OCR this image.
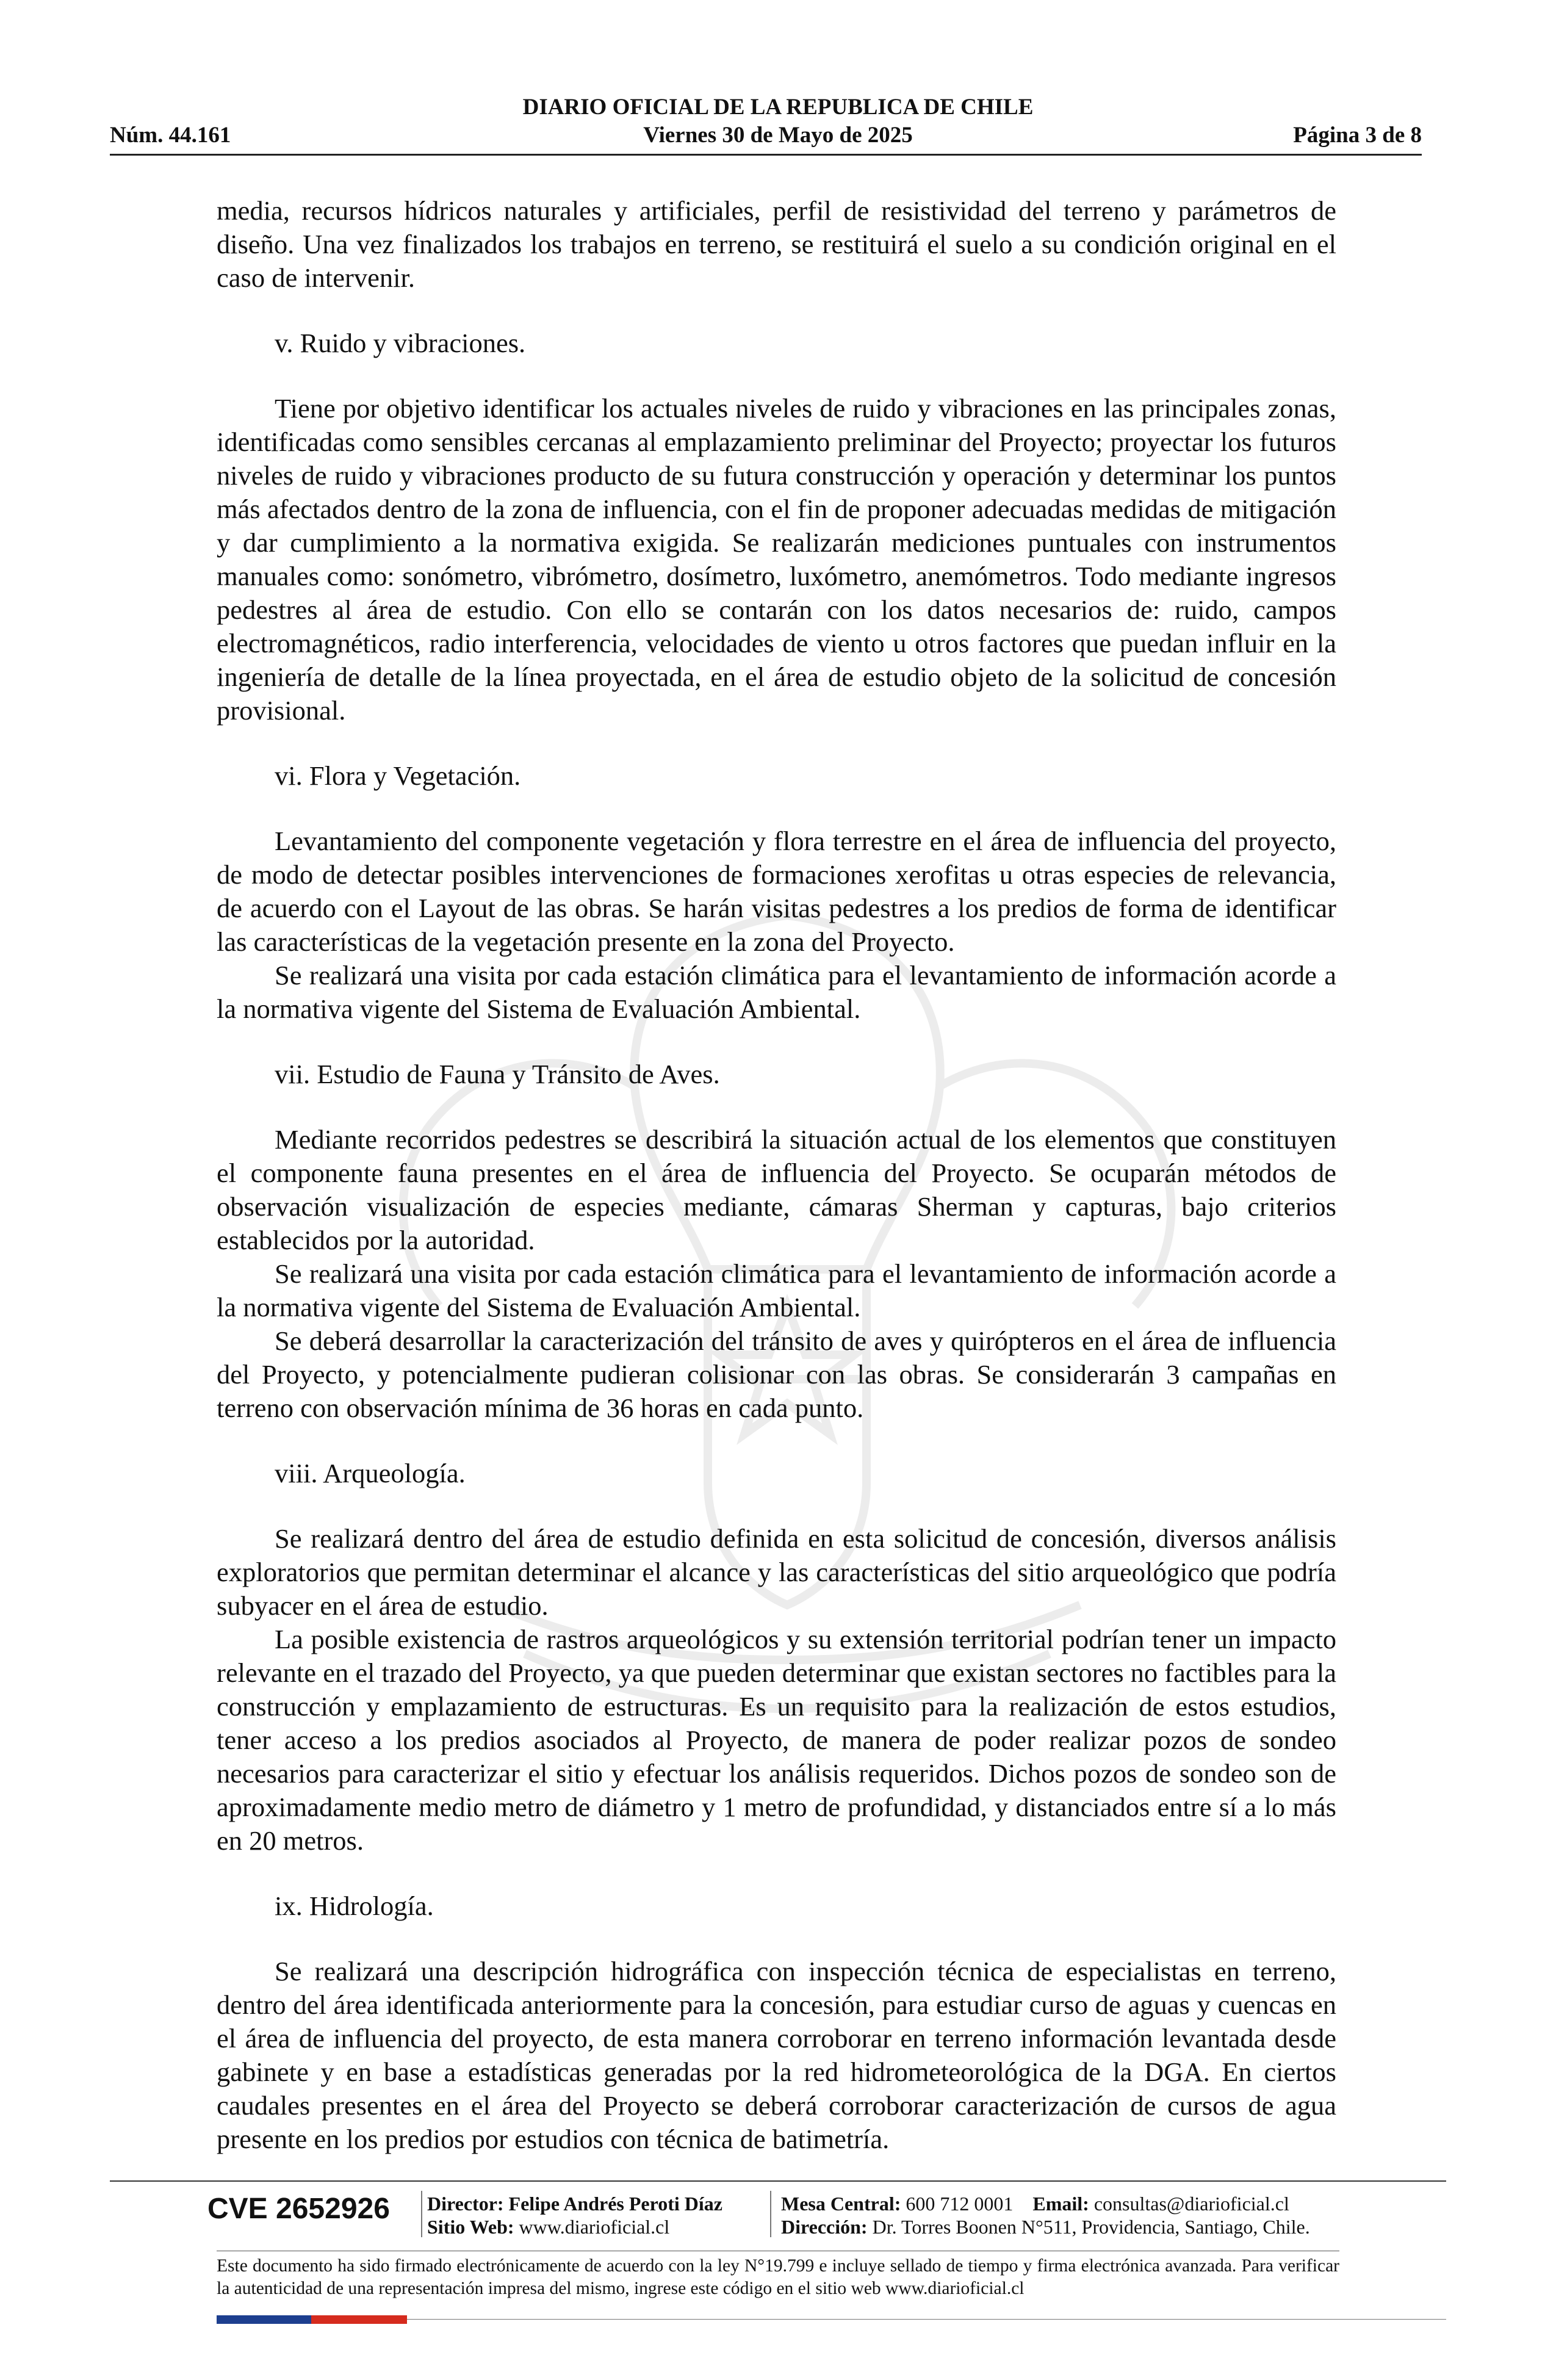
DIARIO OFICIAL DE LA REPUBLICA DE CHILE
Núm. 44.161	Viernes 30 de Mayo de 2025	Página 3 de 8

media, recursos hídricos naturales y artificiales, perfil de resistividad del terreno y parámetros de diseño. Una vez finalizados los trabajos en terreno, se restituirá el suelo a su condición original en el caso de intervenir.

v. Ruido y vibraciones.

Tiene por objetivo identificar los actuales niveles de ruido y vibraciones en las principales zonas, identificadas como sensibles cercanas al emplazamiento preliminar del Proyecto; proyectar los futuros niveles de ruido y vibraciones producto de su futura construcción y operación y determinar los puntos más afectados dentro de la zona de influencia, con el fin de proponer adecuadas medidas de mitigación y dar cumplimiento a la normativa exigida. Se realizarán mediciones puntuales con instrumentos manuales como: sonómetro, vibrómetro, dosímetro, luxómetro, anemómetros. Todo mediante ingresos pedestres al área de estudio. Con ello se contarán con los datos necesarios de: ruido, campos electromagnéticos, radio interferencia, velocidades de viento u otros factores que puedan influir en la ingeniería de detalle de la línea proyectada, en el área de estudio objeto de la solicitud de concesión provisional.

vi. Flora y Vegetación.

Levantamiento del componente vegetación y flora terrestre en el área de influencia del proyecto, de modo de detectar posibles intervenciones de formaciones xerofitas u otras especies de relevancia, de acuerdo con el Layout de las obras. Se harán visitas pedestres a los predios de forma de identificar las características de la vegetación presente en la zona del Proyecto.

Se realizará una visita por cada estación climática para el levantamiento de información acorde a la normativa vigente del Sistema de Evaluación Ambiental.

vii. Estudio de Fauna y Tránsito de Aves.

Mediante recorridos pedestres se describirá la situación actual de los elementos que constituyen el componente fauna presentes en el área de influencia del Proyecto. Se ocuparán métodos de observación visualización de especies mediante, cámaras Sherman y capturas, bajo criterios establecidos por la autoridad.

Se realizará una visita por cada estación climática para el levantamiento de información acorde a la normativa vigente del Sistema de Evaluación Ambiental.

Se deberá desarrollar la caracterización del tránsito de aves y quirópteros en el área de influencia del Proyecto, y potencialmente pudieran colisionar con las obras. Se considerarán 3 campañas en terreno con observación mínima de 36 horas en cada punto.

viii. Arqueología.

Se realizará dentro del área de estudio definida en esta solicitud de concesión, diversos análisis exploratorios que permitan determinar el alcance y las características del sitio arqueológico que podría subyacer en el área de estudio.

La posible existencia de rastros arqueológicos y su extensión territorial podrían tener un impacto relevante en el trazado del Proyecto, ya que pueden determinar que existan sectores no factibles para la construcción y emplazamiento de estructuras. Es un requisito para la realización de estos estudios, tener acceso a los predios asociados al Proyecto, de manera de poder realizar pozos de sondeo necesarios para caracterizar el sitio y efectuar los análisis requeridos. Dichos pozos de sondeo son de aproximadamente medio metro de diámetro y 1 metro de profundidad, y distanciados entre sí a lo más en 20 metros.

ix. Hidrología.

Se realizará una descripción hidrográfica con inspección técnica de especialistas en terreno, dentro del área identificada anteriormente para la concesión, para estudiar curso de aguas y cuencas en el área de influencia del proyecto, de esta manera corroborar en terreno información levantada desde gabinete y en base a estadísticas generadas por la red hidrometeorológica de la DGA. En ciertos caudales presentes en el área del Proyecto se deberá corroborar caracterización de cursos de agua presente en los predios por estudios con técnica de batimetría.

CVE 2652926 Director: Felipe Andrés Peroti Díaz
Sitio Web: www.diarioficial.cl
Mesa Central: 600 712 0001 Email: consultas@diarioficial.cl
Dirección: Dr. Torres Boonen N°511, Providencia, Santiago, Chile.
Este documento ha sido firmado electrónicamente de acuerdo con la ley N°19.799 e incluye sellado de tiempo y firma electrónica avanzada. Para verificar la autenticidad de una representación impresa del mismo, ingrese este código en el sitio web www.diarioficial.cl
